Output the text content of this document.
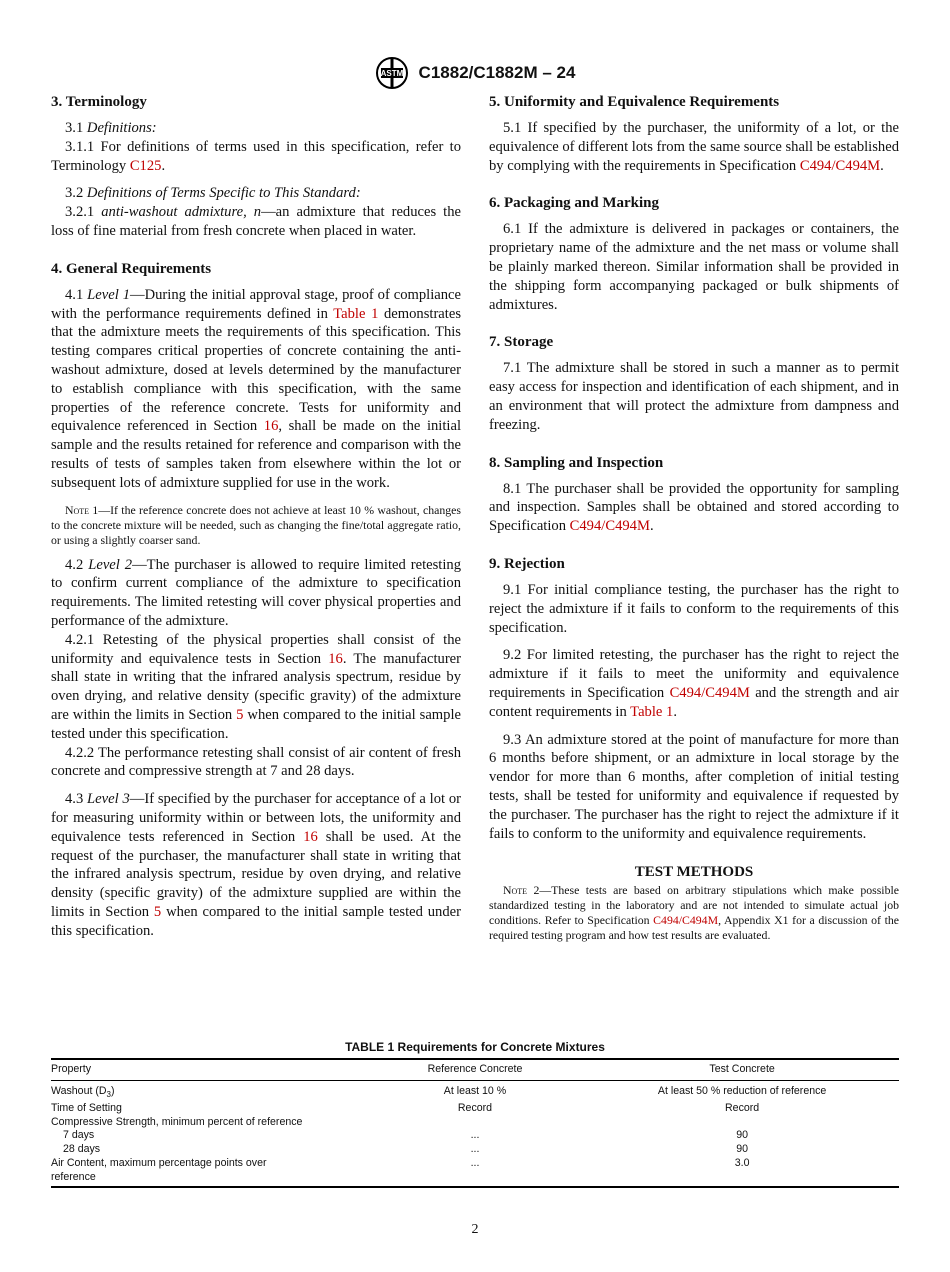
ASTM C1882/C1882M – 24
3. Terminology

3.1 Definitions:

3.1.1 For definitions of terms used in this specification, refer to Terminology C125.

3.2 Definitions of Terms Specific to This Standard:

3.2.1 anti-washout admixture, n—an admixture that reduces the loss of fine material from fresh concrete when placed in water.

4. General Requirements

4.1 Level 1—During the initial approval stage, proof of compliance with the performance requirements defined in Table 1 demonstrates that the admixture meets the requirements of this specification. This testing compares critical properties of concrete containing the anti-washout admixture, dosed at levels determined by the manufacturer to establish compliance with this specification, with the same properties of the reference concrete. Tests for uniformity and equivalence referenced in Section 16, shall be made on the initial sample and the results retained for reference and comparison with the results of tests of samples taken from elsewhere within the lot or subsequent lots of admixture supplied for use in the work.

Note 1—If the reference concrete does not achieve at least 10 % washout, changes to the concrete mixture will be needed, such as changing the fine/total aggregate ratio, or using a slightly coarser sand.

4.2 Level 2—The purchaser is allowed to require limited retesting to confirm current compliance of the admixture to specification requirements. The limited retesting will cover physical properties and performance of the admixture.

4.2.1 Retesting of the physical properties shall consist of the uniformity and equivalence tests in Section 16. The manufacturer shall state in writing that the infrared analysis spectrum, residue by oven drying, and relative density (specific gravity) of the admixture are within the limits in Section 5 when compared to the initial sample tested under this specification.

4.2.2 The performance retesting shall consist of air content of fresh concrete and compressive strength at 7 and 28 days.

4.3 Level 3—If specified by the purchaser for acceptance of a lot or for measuring uniformity within or between lots, the uniformity and equivalence tests referenced in Section 16 shall be used. At the request of the purchaser, the manufacturer shall state in writing that the infrared analysis spectrum, residue by oven drying, and relative density (specific gravity) of the admixture supplied are within the limits in Section 5 when compared to the initial sample tested under this specification.

5. Uniformity and Equivalence Requirements

5.1 If specified by the purchaser, the uniformity of a lot, or the equivalence of different lots from the same source shall be established by complying with the requirements in Specification C494/C494M.

6. Packaging and Marking

6.1 If the admixture is delivered in packages or containers, the proprietary name of the admixture and the net mass or volume shall be plainly marked thereon. Similar information shall be provided in the shipping form accompanying packaged or bulk shipments of admixtures.

7. Storage

7.1 The admixture shall be stored in such a manner as to permit easy access for inspection and identification of each shipment, and in an environment that will protect the admixture from dampness and freezing.

8. Sampling and Inspection

8.1 The purchaser shall be provided the opportunity for sampling and inspection. Samples shall be obtained and stored according to Specification C494/C494M.

9. Rejection

9.1 For initial compliance testing, the purchaser has the right to reject the admixture if it fails to conform to the requirements of this specification.

9.2 For limited retesting, the purchaser has the right to reject the admixture if it fails to meet the uniformity and equivalence requirements in Specification C494/C494M and the strength and air content requirements in Table 1.

9.3 An admixture stored at the point of manufacture for more than 6 months before shipment, or an admixture in local storage by the vendor for more than 6 months, after completion of initial testing tests, shall be tested for uniformity and equivalence if requested by the purchaser. The purchaser has the right to reject the admixture if it fails to conform to the uniformity and equivalence requirements.

TEST METHODS
Note 2—These tests are based on arbitrary stipulations which make possible standardized testing in the laboratory and are not intended to simulate actual job conditions. Refer to Specification C494/C494M, Appendix X1 for a discussion of the required testing program and how test results are evaluated.
TABLE 1 Requirements for Concrete Mixtures
Property	Reference Concrete	Test Concrete
Washout $(D_3)$	At least 10 %	At least 50 % reduction of reference
Time of Setting	Record	Record
Compressive Strength, minimum percent of reference		
7 days	...	90
28 days	...	90
Air Content, maximum percentage points over reference	...	3.0
2
